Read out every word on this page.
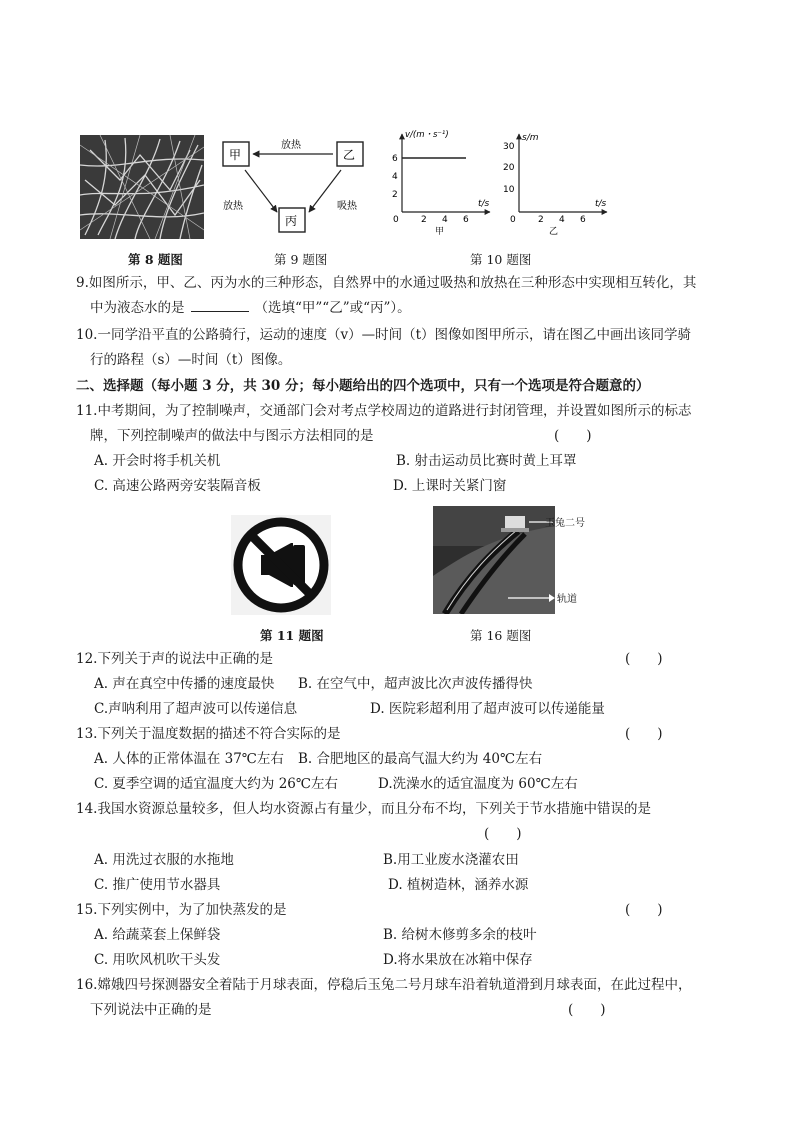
甲	乙
丙
放热
放热	吸热
v/(m・s⁻¹)
t/s
2
4
6
0 2 4 6
甲
s/m
t/s
10
20
30
0 2 4 6
乙
第 8 题图	第 9 题图	第 10 题图
9.如图所示，甲、乙、丙为水的三种形态，自然界中的水通过吸热和放热在三种形态中实现相互转化，其
中为液态水的是	（选填“甲”“乙”或“丙”）。
10.一同学沿平直的公路骑行，运动的速度（v）—时间（t）图像如图甲所示，请在图乙中画出该同学骑
行的路程（s）—时间（t）图像。
二、选择题（每小题 3 分，共 30 分；每小题给出的四个选项中，只有一个选项是符合题意的）
11.中考期间，为了控制噪声，交通部门会对考点学校周边的道路进行封闭管理，并设置如图所示的标志
牌，下列控制噪声的做法中与图示方法相同的是	(　　)
A. 开会时将手机关机	B. 射击运动员比赛时黄上耳罩
C. 高速公路两旁安装隔音板	D. 上课时关紧门窗
玉兔二号
轨道
第 11 题图	第 16 题图
12.下列关于声的说法中正确的是	(　　)
A. 声在真空中传播的速度最快 B. 在空气中，超声波比次声波传播得快
C.声呐利用了超声波可以传递信息	D. 医院彩超利用了超声波可以传递能量
13.下列关于温度数据的描述不符合实际的是	(　　)
A. 人体的正常体温在 37℃左右 B. 合肥地区的最高气温大约为 40℃左右
C. 夏季空调的适宜温度大约为 26℃左右	D.洗澡水的适宜温度为 60℃左右
14.我国水资源总量较多，但人均水资源占有量少，而且分布不均，下列关于节水措施中错误的是
(　　)
A. 用洗过衣服的水拖地	B.用工业废水浇灌农田
C. 推广使用节水器具	D. 植树造林，涵养水源
15.下列实例中，为了加快蒸发的是	(　　)
A. 给蔬菜套上保鲜袋	B. 给树木修剪多余的枝叶
C. 用吹风机吹干头发	D.将水果放在冰箱中保存
16.嫦娥四号探测器安全着陆于月球表面，停稳后玉兔二号月球车沿着轨道滑到月球表面，在此过程中，
下列说法中正确的是	(　　)
